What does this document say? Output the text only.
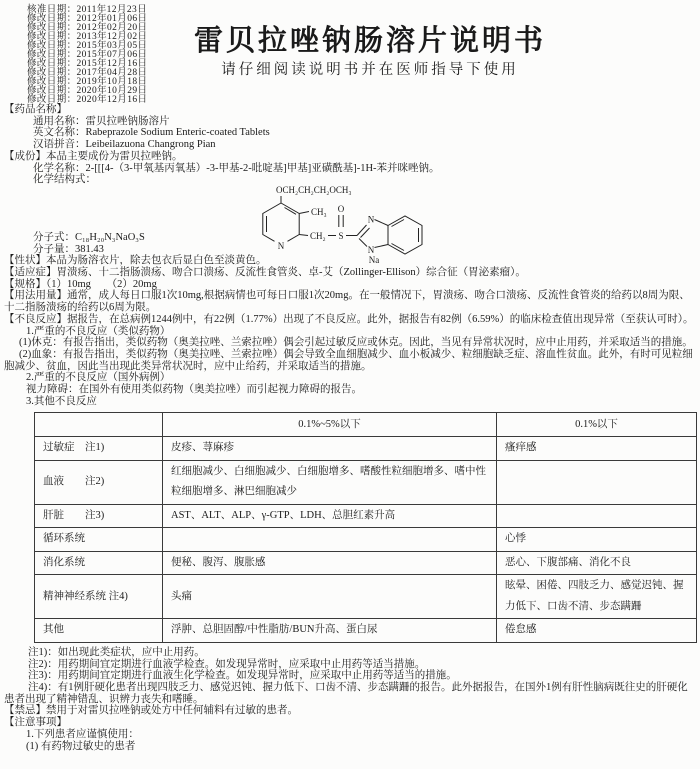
核准日期：2011年12月23日
修改日期：2012年01月06日
修改日期：2012年02月20日
修改日期：2013年12月02日
修改日期：2015年03月05日
修改日期：2015年07月06日
修改日期：2015年12月16日
修改日期：2017年04月28日
修改日期：2019年10月18日
修改日期：2020年10月29日
修改日期：2020年12月16日
雷贝拉唑钠肠溶片说明书
请仔细阅读说明书并在医师指导下使用
【药品名称】
通用名称：雷贝拉唑钠肠溶片
英文名称：Rabeprazole Sodium Enteric-coated Tablets
汉语拼音：Leibeilazuona Changrong Pian
【成份】本品主要成份为雷贝拉唑钠。
化学名称：2-[[[4-（3-甲氧基丙氧基）-3-甲基-2-吡啶基]甲基]亚磺酰基]-1H-苯并咪唑钠。
化学结构式：
分子式：C₁₈H₂₀N₃NaO₃S
分子量：381.43
【性状】本品为肠溶衣片，除去包衣后显白色至淡黄色。
【适应症】胃溃疡、十二指肠溃疡、吻合口溃疡、反流性食管炎、卓-艾（Zollinger-Ellison）综合征（胃泌素瘤）。
【规格】（1）10mg　　（2）20mg
【用法用量】通常，成人每日口服1次10mg,根据病情也可每日口服1次20mg。在一般情况下，胃溃疡、吻合口溃疡、反流性食管炎的给药以8周为限、十二指肠溃疡的给药以6周为限。
【不良反应】据报告，在总病例1244例中，有22例（1.77%）出现了不良反应。此外，据报告有82例（6.59%）的临床检查值出现异常（至获认可时）。
1.严重的不良反应（类似药物）
(1)休克：有报告指出，类似药物（奥美拉唑、兰索拉唑）偶会引起过敏反应或休克。因此，当见有异常状况时，应中止用药，并采取适当的措施。
(2)血象：有报告指出，类似药物（奥美拉唑、兰索拉唑）偶会导致全血细胞减少、血小板减少、粒细胞缺乏症、溶血性贫血。此外，有时可见粒细胞减少、贫血，因此当出现此类异常状况时，应中止给药，并采取适当的措施。
2.严重的不良反应（国外病例）
视力障碍：在国外有使用类似药物（奥美拉唑）而引起视力障碍的报告。
3.其他不良反应
	0.1%~5%以下	0.1%以下
过敏症　注1)	皮疹、荨麻疹	瘙痒感
血液　　注2)	红细胞减少、白细胞减少、白细胞增多、嗜酸性粒细胞增多、嗜中性粒细胞增多、淋巴细胞减少	
肝脏　　注3)	AST、ALT、ALP、γ-GTP、LDH、总胆红素升高	
循环系统		心悸
消化系统	便秘、腹泻、腹胀感	恶心、下腹部痛、消化不良
精神神经系统 注4)	头痛	眩晕、困倦、四肢乏力、感觉迟钝、握力低下、口齿不清、步态蹒跚
其他	浮肿、总胆固醇/中性脂肪/BUN升高、蛋白尿	倦怠感
注1)：如出现此类症状，应中止用药。
注2)：用药期间宜定期进行血液学检查。如发现异常时，应采取中止用药等适当措施。
注3)：用药期间宜定期进行血液生化学检查。如发现异常时，应采取中止用药等适当的措施。
注4)：有1例肝硬化患者出现四肢乏力、感觉迟钝、握力低下、口齿不清、步态蹒跚的报告。此外据报告，在国外1例有肝性脑病既往史的肝硬化患者出现了精神错乱、识辨力丧失和嗜睡。
【禁忌】禁用于对雷贝拉唑钠或处方中任何辅料有过敏的患者。
【注意事项】
1.下列患者应谨慎使用：
(1) 有药物过敏史的患者
OCH₂CH₂CH₂OCH₃
N
CH₃
CH₂ S
O
N
N
Na
